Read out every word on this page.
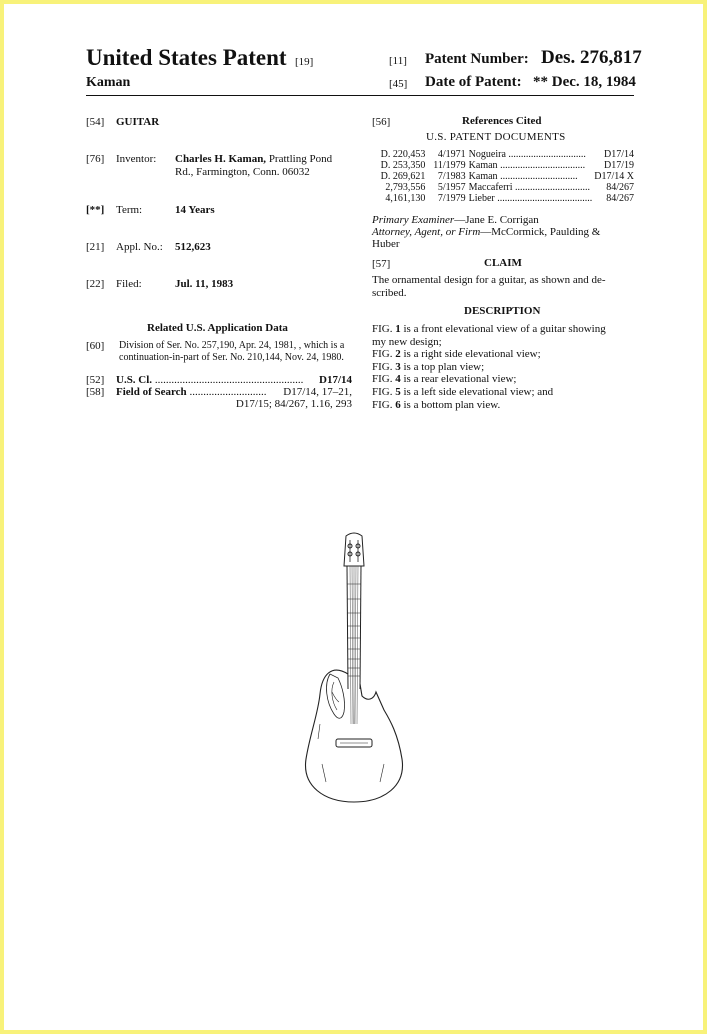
United States Patent [19]
Kaman
[11] Patent Number: Des. 276,817
[45] Date of Patent: ** Dec. 18, 1984
[54] GUITAR
[76] Inventor: Charles H. Kaman, Prattling Pond
Rd., Farmington, Conn. 06032
[**] Term:	14 Years
[21] Appl. No.: 512,623
[22] Filed:	Jul. 11, 1983
Related U.S. Application Data
[60] Division of Ser. No. 257,190, Apr. 24, 1981, , which is a continuation-in-part of Ser. No. 210,144, Nov. 24, 1980.
[52] U.S. Cl. ...................................................... D17/14
[58] Field of Search ............................ D17/14, 17–21,
D17/15; 84/267, 1.16, 293
[56]	References Cited
U.S. PATENT DOCUMENTS
D. 220,453	4/1971	Nogueira ...............................	D17/14
D. 253,350	11/1979	Kaman ..................................	D17/19
D. 269,621	7/1983	Kaman ...............................	D17/14 X
2,793,556	5/1957	Maccaferri ..............................	84/267
4,161,130	7/1979	Lieber ......................................	84/267
Primary Examiner—Jane E. Corrigan
Attorney, Agent, or Firm—McCormick, Paulding &
Huber
[57]	CLAIM
The ornamental design for a guitar, as shown and de-
scribed.
DESCRIPTION

FIG. 1 is a front elevational view of a guitar showing

my new design;

FIG. 2 is a right side elevational view;

FIG. 3 is a top plan view;

FIG. 4 is a rear elevational view;

FIG. 5 is a left side elevational view; and

FIG. 6 is a bottom plan view.
